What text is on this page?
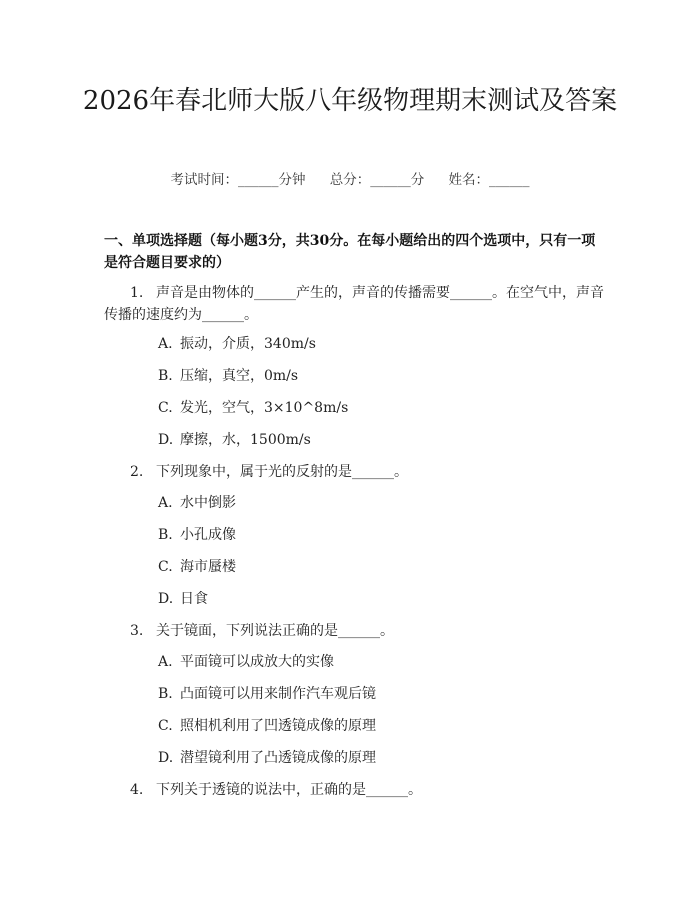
2026年春北师大版八年级物理期末测试及答案
考试时间：______分钟 总分：______分 姓名：______
一、单项选择题（每小题3分，共30分。在每小题给出的四个选项中，只有一项是符合题目要求的）
1. 声音是由物体的______产生的，声音的传播需要______。在空气中，声音传播的速度约为______。
A. 振动，介质，340m/s
B. 压缩，真空，0m/s
C. 发光，空气，3×10^8m/s
D. 摩擦，水，1500m/s
2. 下列现象中，属于光的反射的是______。
A. 水中倒影
B. 小孔成像
C. 海市蜃楼
D. 日食
3. 关于镜面，下列说法正确的是______。
A. 平面镜可以成放大的实像
B. 凸面镜可以用来制作汽车观后镜
C. 照相机利用了凹透镜成像的原理
D. 潜望镜利用了凸透镜成像的原理
4. 下列关于透镜的说法中，正确的是______。
